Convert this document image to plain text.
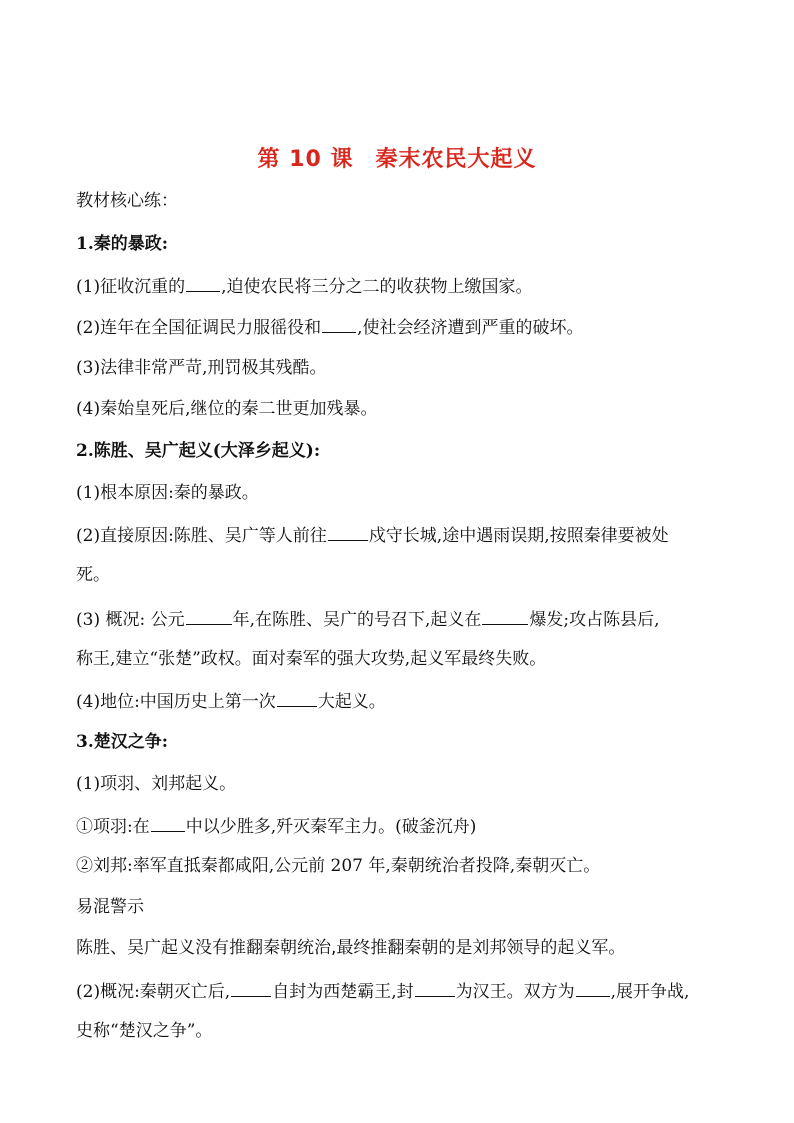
第 10 课 秦末农民大起义
教材核心练：
1.秦的暴政:
(1)征收沉重的 ,迫使农民将三分之二的收获物上缴国家。
(2)连年在全国征调民力服徭役和 ,使社会经济遭到严重的破坏。
(3)法律非常严苛,刑罚极其残酷。
(4)秦始皇死后,继位的秦二世更加残暴。
2.陈胜、吴广起义(大泽乡起义):
(1)根本原因:秦的暴政。
(2)直接原因:陈胜、吴广等人前往 戍守长城,途中遇雨误期,按照秦律要被处
死。
(3) 概况: 公元	年,在陈胜、吴广的号召下,起义在	爆发;攻占陈县后,
称王,建立“张楚”政权。面对秦军的强大攻势,起义军最终失败。
(4)地位:中国历史上第一次 大起义。
3.楚汉之争:
(1)项羽、刘邦起义。
①项羽:在 中以少胜多,歼灭秦军主力。(破釜沉舟)
②刘邦:率军直抵秦都咸阳,公元前 207 年,秦朝统治者投降,秦朝灭亡。
易混警示
陈胜、吴广起义没有推翻秦朝统治,最终推翻秦朝的是刘邦领导的起义军。
(2)概况:秦朝灭亡后, 自封为西楚霸王,封 为汉王。双方为 ,展开争战,
史称“楚汉之争”。
